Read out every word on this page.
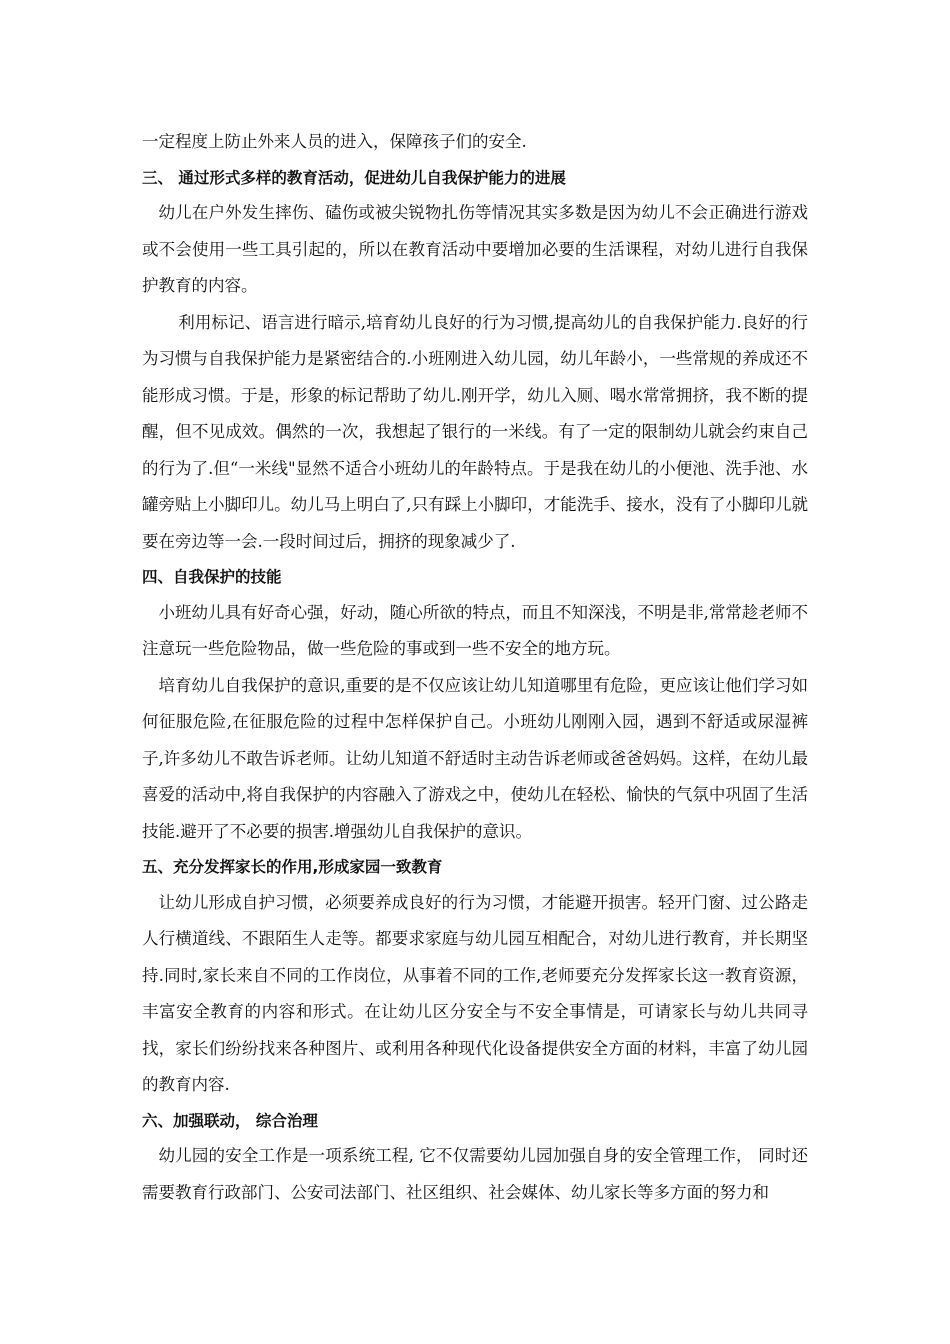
一定程度上防止外来人员的进入，保障孩子们的安全.

三、 通过形式多样的教育活动，促进幼儿自我保护能力的进展

幼儿在户外发生摔伤、磕伤或被尖锐物扎伤等情况其实多数是因为幼儿不会正确进行游戏或不会使用一些工具引起的，所以在教育活动中要增加必要的生活课程，对幼儿进行自我保护教育的内容。

利用标记、语言进行暗示,培育幼儿良好的行为习惯,提高幼儿的自我保护能力.良好的行为习惯与自我保护能力是紧密结合的.小班刚进入幼儿园，幼儿年龄小，一些常规的养成还不能形成习惯。于是，形象的标记帮助了幼儿.刚开学，幼儿入厕、喝水常常拥挤，我不断的提醒，但不见成效。偶然的一次，我想起了银行的一米线。有了一定的限制幼儿就会约束自己的行为了.但“一米线"显然不适合小班幼儿的年龄特点。于是我在幼儿的小便池、洗手池、水罐旁贴上小脚印儿。幼儿马上明白了,只有踩上小脚印，才能洗手、接水，没有了小脚印儿就要在旁边等一会.一段时间过后，拥挤的现象减少了.

四、自我保护的技能

小班幼儿具有好奇心强，好动，随心所欲的特点，而且不知深浅，不明是非,常常趁老师不注意玩一些危险物品，做一些危险的事或到一些不安全的地方玩。

培育幼儿自我保护的意识,重要的是不仅应该让幼儿知道哪里有危险，更应该让他们学习如何征服危险,在征服危险的过程中怎样保护自己。小班幼儿刚刚入园，遇到不舒适或尿湿裤子,许多幼儿不敢告诉老师。让幼儿知道不舒适时主动告诉老师或爸爸妈妈。这样，在幼儿最喜爱的活动中,将自我保护的内容融入了游戏之中，使幼儿在轻松、愉快的气氛中巩固了生活技能.避开了不必要的损害.增强幼儿自我保护的意识。

五、充分发挥家长的作用,形成家园一致教育

让幼儿形成自护习惯，必须要养成良好的行为习惯，才能避开损害。轻开门窗、过公路走人行横道线、不跟陌生人走等。都要求家庭与幼儿园互相配合，对幼儿进行教育，并长期坚持.同时,家长来自不同的工作岗位，从事着不同的工作,老师要充分发挥家长这一教育资源，丰富安全教育的内容和形式。在让幼儿区分安全与不安全事情是，可请家长与幼儿共同寻找，家长们纷纷找来各种图片、或利用各种现代化设备提供安全方面的材料，丰富了幼儿园的教育内容.

六、加强联动， 综合治理

幼儿园的安全工作是一项系统工程, 它不仅需要幼儿园加强自身的安全管理工作， 同时还需要教育行政部门、公安司法部门、社区组织、社会媒体、幼儿家长等多方面的努力和
